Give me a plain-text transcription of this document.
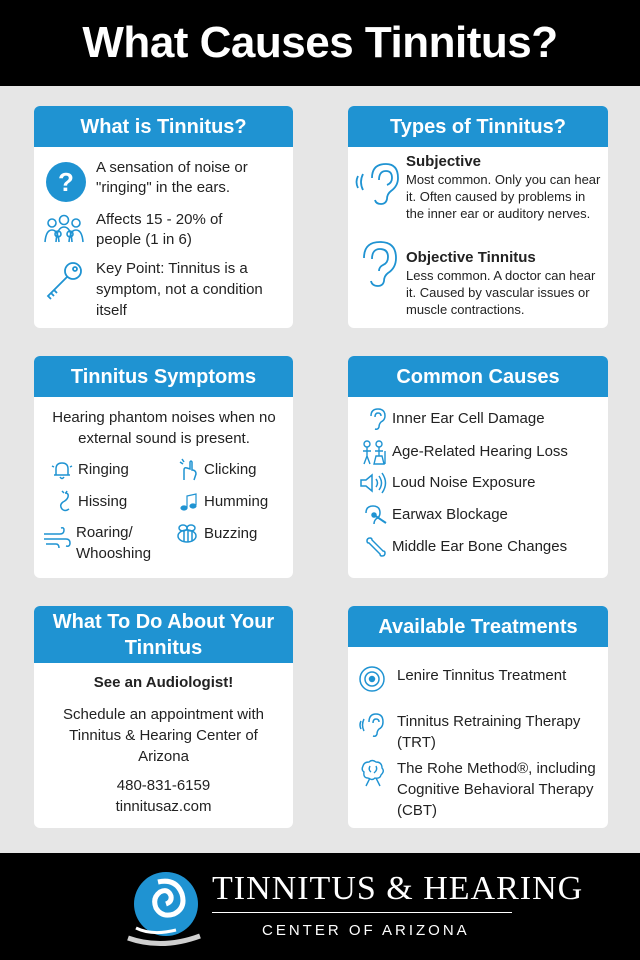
What Causes Tinnitus?
What is Tinnitus?
? A sensation of noise or "ringing" in the ears.
Affects 15 - 20% of people (1 in 6)
Key Point: Tinnitus is a symptom, not a condition itself
Types of Tinnitus?
Subjective
Most common. Only you can hear it. Often caused by problems in the inner ear or auditory nerves.
Objective Tinnitus
Less common. A doctor can hear it. Caused by vascular issues or muscle contractions.
Tinnitus Symptoms
Hearing phantom noises when no external sound is present.
Ringing	Clicking
Hissing	Humming
Roaring/ Whooshing
Buzzing
Common Causes
Inner Ear Cell Damage
Age-Related Hearing Loss
Loud Noise Exposure
Earwax Blockage
Middle Ear Bone Changes
What To Do About Your Tinnitus
See an Audiologist!
Schedule an appointment with Tinnitus & Hearing Center of Arizona
480-831-6159
tinnitusaz.com
Available Treatments
Lenire Tinnitus Treatment
Tinnitus Retraining Therapy (TRT)
The Rohe Method®, including Cognitive Behavioral Therapy (CBT)
TINNITUS & HEARING
CENTER OF ARIZONA
